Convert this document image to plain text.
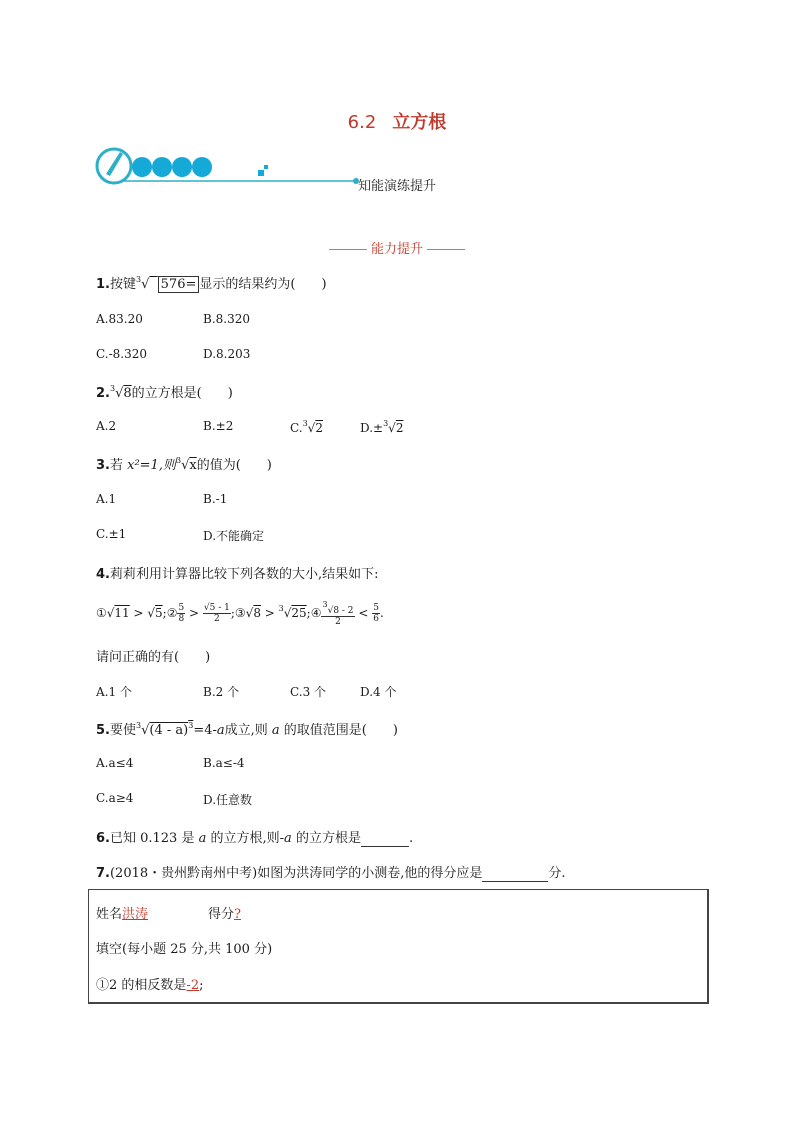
6.2 立方根
知能演练提升
能力提升
1.按键$^3$√ 576= 显示的结果约为(　　)
A.83.20	B.8.320
C.-8.320	D.8.203
2.$^3$√8的立方根是(　　)
A.2	B.±2	C.$^3$√2	D.±$^3$√2
3.若 x²=1,则$^3$√x的值为(　　)
A.1	B.-1
C.±1	D.不能确定
4.莉莉利用计算器比较下列各数的大小,结果如下:
①√11 > √5;② $\frac{5}{8} > \frac{√5 - 1}{2}$ ;③√8 > $^3$√25;④ $\frac{3√8 - 2}{2} < \frac{5}{6}$ .
请问正确的有(　　)
A.1 个	B.2 个	C.3 个	D.4 个
5.要使$^3$√(4 - a)$^3$=4-a成立,则 a 的取值范围是(　　)
A.a≤4	B.a≤-4
C.a≥4	D.任意数
6.已知 0.123 是 a 的立方根,则-a 的立方根是	.
7.(2018・贵州黔南州中考)如图为洪涛同学的小测卷,他的得分应是	分.
姓名洪涛	得分?
填空(每小题 25 分,共 100 分)
①2 的相反数是-2;
